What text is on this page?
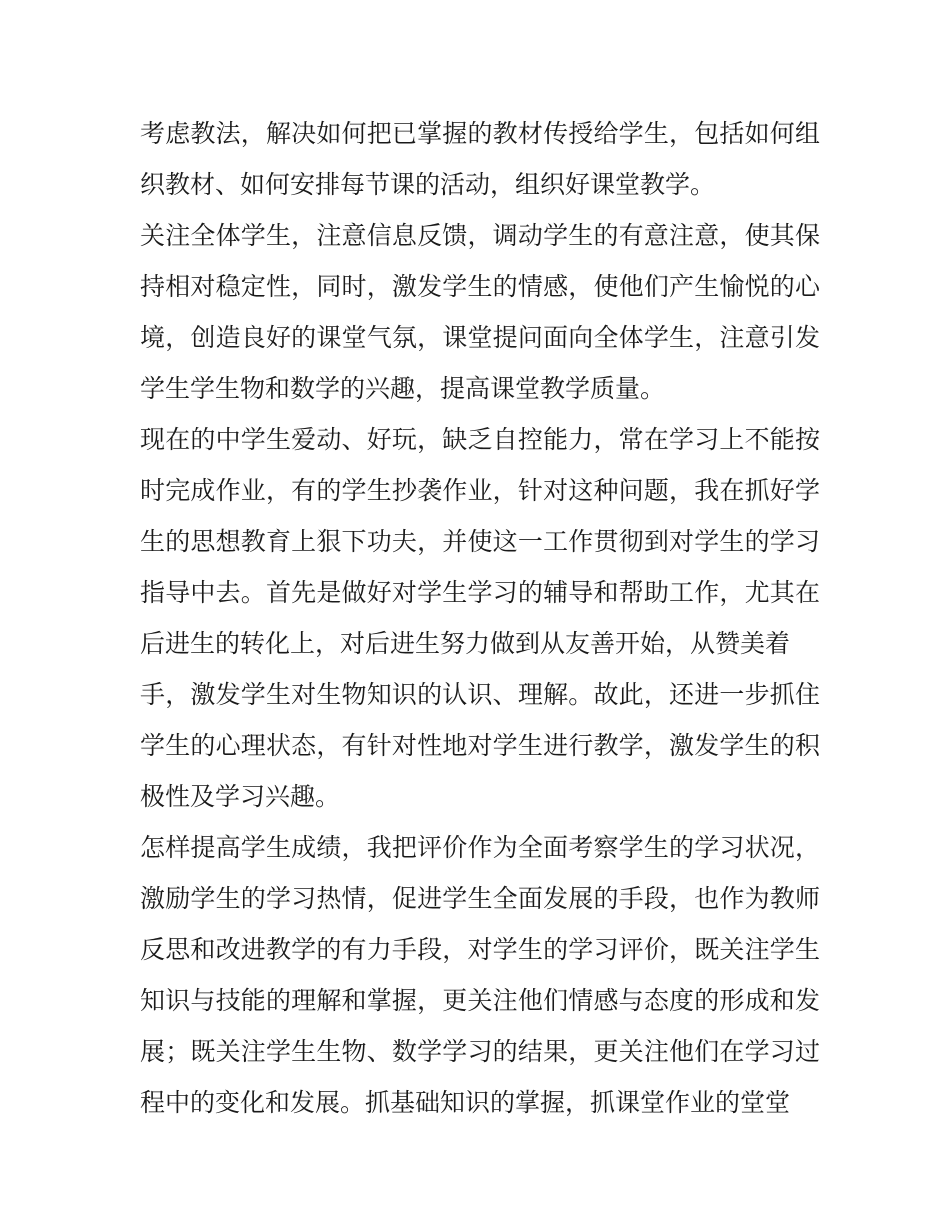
考虑教法，解决如何把已掌握的教材传授给学生，包括如何组
织教材、如何安排每节课的活动，组织好课堂教学。
关注全体学生，注意信息反馈，调动学生的有意注意，使其保
持相对稳定性，同时，激发学生的情感，使他们产生愉悦的心
境，创造良好的课堂气氛，课堂提问面向全体学生，注意引发
学生学生物和数学的兴趣，提高课堂教学质量。
现在的中学生爱动、好玩，缺乏自控能力，常在学习上不能按
时完成作业，有的学生抄袭作业，针对这种问题，我在抓好学
生的思想教育上狠下功夫，并使这一工作贯彻到对学生的学习
指导中去。首先是做好对学生学习的辅导和帮助工作，尤其在
后进生的转化上，对后进生努力做到从友善开始，从赞美着
手，激发学生对生物知识的认识、理解。故此，还进一步抓住
学生的心理状态，有针对性地对学生进行教学，激发学生的积
极性及学习兴趣。
怎样提高学生成绩，我把评价作为全面考察学生的学习状况，
激励学生的学习热情，促进学生全面发展的手段，也作为教师
反思和改进教学的有力手段，对学生的学习评价，既关注学生
知识与技能的理解和掌握，更关注他们情感与态度的形成和发
展；既关注学生生物、数学学习的结果，更关注他们在学习过
程中的变化和发展。抓基础知识的掌握，抓课堂作业的堂堂
